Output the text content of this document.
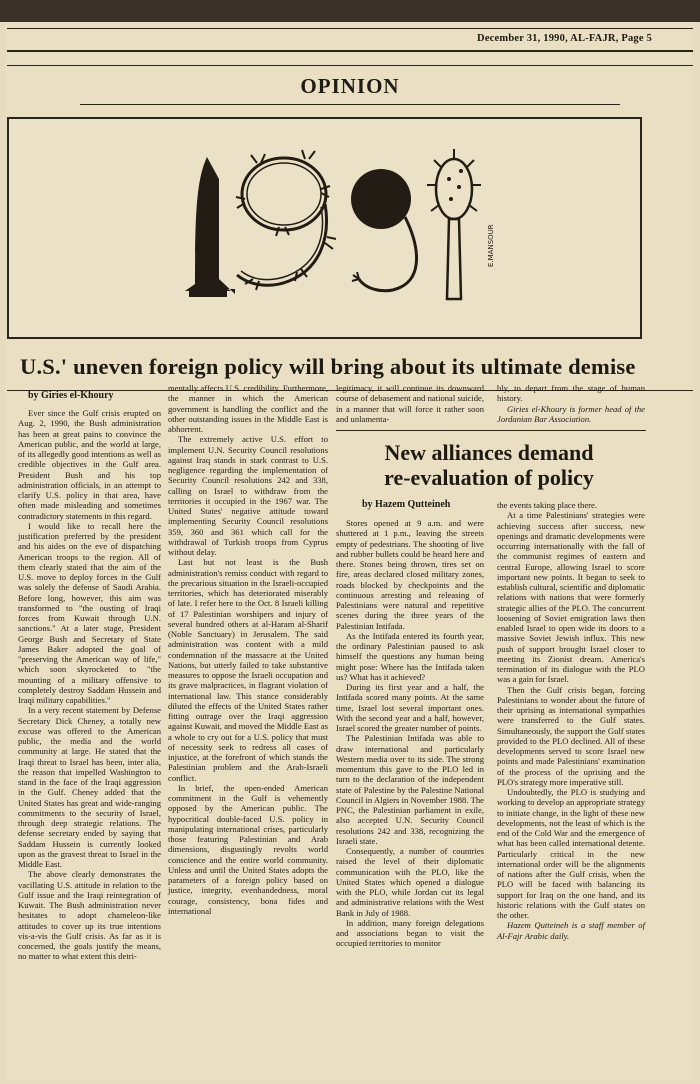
December 31, 1990, AL-FAJR, Page 5
OPINION
E.MANSOUR
U.S.' uneven foreign policy will bring about its ultimate demise
by Giries el-Khoury

Ever since the Gulf crisis erupted on Aug. 2, 1990, the Bush administration has been at great pains to convince the American public, and the world at large, of its allegedly good intentions as well as credible objectives in the Gulf area. President Bush and his top administration officials, in an attempt to clarify U.S. policy in that area, have often made misleading and sometimes contradictory statements in this regard.

I would like to recall here the justification preferred by the president and his aides on the eve of dispatching American troops to the region. All of them clearly stated that the aim of the U.S. move to deploy forces in the Gulf was solely the defense of Saudi Arabia. Before long, however, this aim was transformed to "the ousting of Iraqi forces from Kuwait through U.N. sanctions." At a later stage, President George Bush and Secretary of State James Baker adopted the goal of "preserving the American way of life," which soon skyrocketed to "the mounting of a military offensive to completely destroy Saddam Hussein and Iraqi military capabilities."

In a very recent statement by Defense Secretary Dick Cheney, a totally new excuse was offered to the American public, the media and the world community at large. He stated that the Iraqi threat to Israel has been, inter alia, the reason that impelled Washington to stand in the face of the Iraqi aggression in the Gulf. Cheney added that the United States has great and wide-ranging commitments to the security of Israel, through deep strategic relations. The defense secretary ended by saying that Saddam Hussein is currently looked upon as the gravest threat to Israel in the Middle East.

The above clearly demonstrates the vacillating U.S. attitude in relation to the Gulf issue and the Iraqi reintegration of Kuwait. The Bush administration never hesitates to adopt chameleon-like attitudes to cover up its true intentions vis-a-vis the Gulf crisis. As far as it is concerned, the goals justify the means, no matter to what extent this detri-

mentally affects U.S. credibility. Furthermore, the manner in which the American government is handling the conflict and the other outstanding issues in the Middle East is abhorrent.

The extremely active U.S. effort to implement U.N. Security Council resolutions against Iraq stands in stark contrast to U.S. negligence regarding the implementation of Security Council resolutions 242 and 338, calling on Israel to withdraw from the territories it occupied in the 1967 war. The United States' negative attitude toward implementing Security Council resolutions 359, 360 and 361 which call for the withdrawal of Turkish troops from Cyprus without delay.

Last but not least is the Bush administration's remiss conduct with regard to the precarious situation in the Israeli-occupied territories, which has deteriorated miserably of late. I refer here to the Oct. 8 Israeli killing of 17 Palestinian worshipers and injury of several hundred others at al-Haram al-Sharif (Noble Sanctuary) in Jerusalem. The said administration was content with a mild condemnation of the massacre at the United Nations, but utterly failed to take substantive measures to oppose the Israeli occupation and its grave malpractices, in flagrant violation of international law. This stance considerably diluted the effects of the United States rather fitting outrage over the Iraqi aggression against Kuwait, and moved the Middle East as a whole to cry out for a U.S. policy that must of necessity seek to redress all cases of injustice, at the forefront of which stands the Palestinian problem and the Arab-Israeli conflict.

In brief, the open-ended American commitment in the Gulf is vehemently opposed by the American public. The hypocritical double-faced U.S. policy in manipulating international crises, particularly those featuring Palestinian and Arab dimensions, disgustingly revolts world conscience and the entire world community. Unless and until the United States adopts the parameters of a foreign policy based on justice, integrity, evenhandedness, moral courage, consistency, bona fides and international

legitimacy, it will continue its downward course of debasement and national suicide, in a manner that will force it rather soon and unlamenta-

bly, to depart from the stage of human history.

Giries el-Khoury is former head of the Jordanian Bar Association.

New alliances demand
re-evaluation of policy
by Hazem Qutteineh

Stores opened at 9 a.m. and were shuttered at 1 p.m., leaving the streets empty of pedestrians. The shooting of live and rubber bullets could be heard here and there. Stones being thrown, tires set on fire, areas declared closed military zones, roads blocked by checkpoints and the continuous arresting and releasing of Palestinians were natural and repetitive scenes during the three years of the Palestinian Intifada.

As the Intifada entered its fourth year, the ordinary Palestinian paused to ask himself the questions any human being might pose: Where has the Intifada taken us? What has it achieved?

During its first year and a half, the Intifada scored many points. At the same time, Israel lost several important ones. With the second year and a half, however, Israel scored the greater number of points.

The Palestinian Intifada was able to draw international and particularly Western media over to its side. The strong momentum this gave to the PLO led in turn to the declaration of the independent state of Palestine by the Palestine National Council in Algiers in November 1988. The PNC, the Palestinian parliament in exile, also accepted U.N. Security Council resolutions 242 and 338, recognizing the Israeli state.

Consequently, a number of countries raised the level of their diplomatic communication with the PLO, like the United States which opened a dialogue with the PLO, while Jordan cut its legal and administrative relations with the West Bank in July of 1988.

In addition, many foreign delegations and associations began to visit the occupied territories to monitor

the events taking place there.

At a time Palestinians' strategies were achieving success after success, new openings and dramatic developments were occurring internationally with the fall of the communist regimes of eastern and central Europe, allowing Israel to score important new points. It began to seek to establish cultural, scientific and diplomatic relations with nations that were formerly strategic allies of the PLO. The concurrent loosening of Soviet emigration laws then enabled Israel to open wide its doors to a massive Soviet Jewish influx. This new push of support brought Israel closer to meeting its Zionist dream. America's termination of its dialogue with the PLO was a gain for Israel.

Then the Gulf crisis began, forcing Palestinians to wonder about the future of their uprising as international sympathies were transferred to the Gulf states. Simultaneously, the support the Gulf states provided to the PLO declined. All of these developments served to score Israel new points and made Palestinians' examination of the process of the uprising and the PLO's strategy more imperative still.

Undoubtedly, the PLO is studying and working to develop an appropriate strategy to initiate change, in the light of these new developments, not the least of which is the end of the Cold War and the emergence of what has been called international detente. Particularly critical in the new international order will be the alignments of nations after the Gulf crisis, when the PLO will be faced with balancing its support for Iraq on the one hand, and its historic relations with the Gulf states on the other.

Hazem Qutteineh is a staff member of Al-Fajr Arabic daily.
